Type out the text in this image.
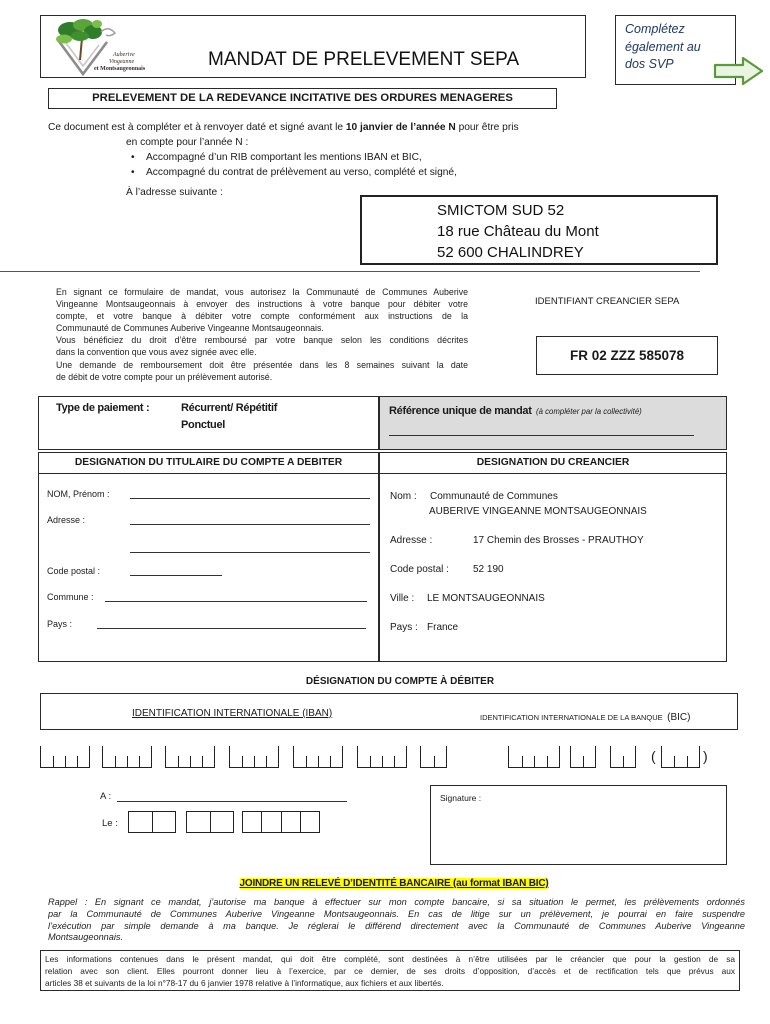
Auberive
Vingeanne
et Montsaugeonnais	MANDAT DE PRELEVEMENT SEPA
Complétez
également au
dos SVP
PRELEVEMENT DE LA REDEVANCE INCITATIVE DES ORDURES MENAGERES
Ce document est à compléter et à renvoyer daté et signé avant le 10 janvier de l’année N pour être pris
en compte pour l’année N :
• Accompagné d’un RIB comportant les mentions IBAN et BIC,
• Accompagné du contrat de prélèvement au verso, complété et signé,
À l’adresse suivante :
SMICTOM SUD 52
18 rue Château du Mont
52 600 CHALINDREY
En signant ce formulaire de mandat, vous autorisez la Communauté de Communes Auberive
Vingeanne Montsaugeonnais à envoyer des instructions à votre banque pour débiter votre
compte, et votre banque à débiter votre compte conformément aux instructions de la
Communauté de Communes Auberive Vingeanne Montsaugeonnais.
Vous bénéficiez du droit d’être remboursé par votre banque selon les conditions décrites
dans la convention que vous avez signée avec elle.
Une demande de remboursement doit être présentée dans les 8 semaines suivant la date
de débit de votre compte pour un prélèvement autorisé.
IDENTIFIANT CREANCIER SEPA
FR 02 ZZZ 585078
Type de paiement :	Récurrent/ Répétitif
Ponctuel
Référence unique de mandat (à compléter par la collectivité)
DESIGNATION DU TITULAIRE DU COMPTE A DEBITER
NOM, Prénom :
Adresse :
Code postal :
Commune :
Pays :
DESIGNATION DU CREANCIER
Nom : Communauté de Communes
AUBERIVE VINGEANNE MONTSAUGEONNAIS
Adresse :	17 Chemin des Brosses - PRAUTHOY
Code postal : 52 190
Ville : LE MONTSAUGEONNAIS
Pays : France
DÉSIGNATION DU COMPTE À DÉBITER
IDENTIFICATION INTERNATIONALE (IBAN)	IDENTIFICATION INTERNATIONALE DE LA BANQUE (BIC)
(	)
A :
Le :
Signature :
JOINDRE UN RELEVÉ D’IDENTITÉ BANCAIRE (au format IBAN BIC)
Rappel : En signant ce mandat, j’autorise ma banque à effectuer sur mon compte bancaire, si sa situation le permet, les prélèvements ordonnés
par la Communauté de Communes Auberive Vingeanne Montsaugeonnais. En cas de litige sur un prélèvement, je pourrai en faire suspendre
l’exécution par simple demande à ma banque. Je réglerai le différend directement avec la Communauté de Communes Auberive Vingeanne
Montsaugeonnais.
Les informations contenues dans le présent mandat, qui doit être complété, sont destinées à n’être utilisées par le créancier que pour la gestion de sa
relation avec son client. Elles pourront donner lieu à l’exercice, par ce dernier, de ses droits d’opposition, d’accès et de rectification tels que prévus aux
articles 38 et suivants de la loi n°78-17 du 6 janvier 1978 relative à l’informatique, aux fichiers et aux libertés.
